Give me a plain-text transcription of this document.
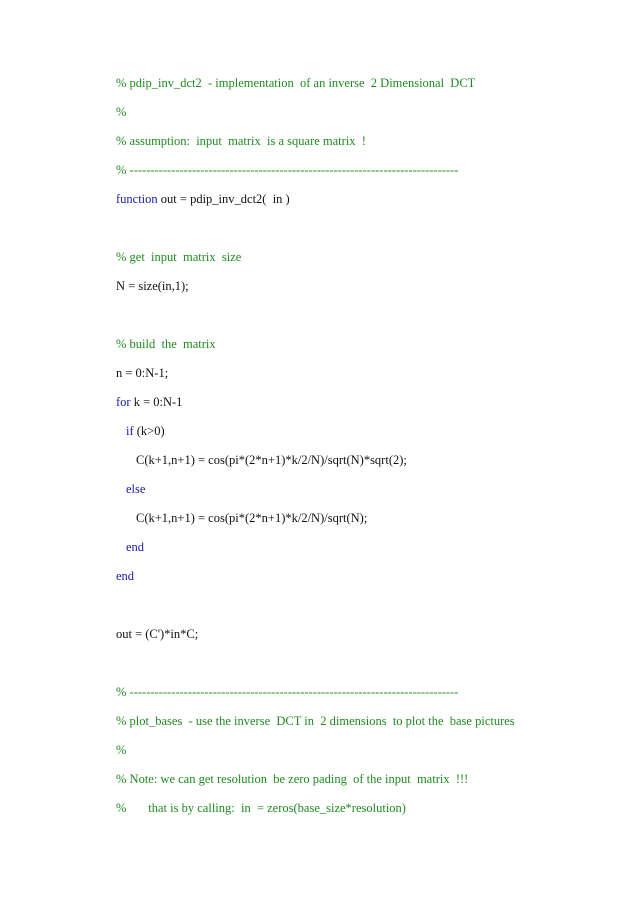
% pdip_inv_dct2  - implementation  of an inverse  2 Dimensional  DCT
%
% assumption:  input  matrix  is a square matrix  !
% -------------------------------------------------------------------------------
function out = pdip_inv_dct2(  in )
% get  input  matrix  size
N = size(in,1);
% build  the  matrix
n = 0:N-1;
for k = 0:N-1
if (k>0)
C(k+1,n+1) = cos(pi*(2*n+1)*k/2/N)/sqrt(N)*sqrt(2);
else
C(k+1,n+1) = cos(pi*(2*n+1)*k/2/N)/sqrt(N);
end
end
out = (C')*in*C;
% -------------------------------------------------------------------------------
% plot_bases  - use the inverse  DCT in  2 dimensions  to plot the  base pictures
%
% Note: we can get resolution  be zero pading  of the input  matrix  !!!
%       that is by calling:  in  = zeros(base_size*resolution)
